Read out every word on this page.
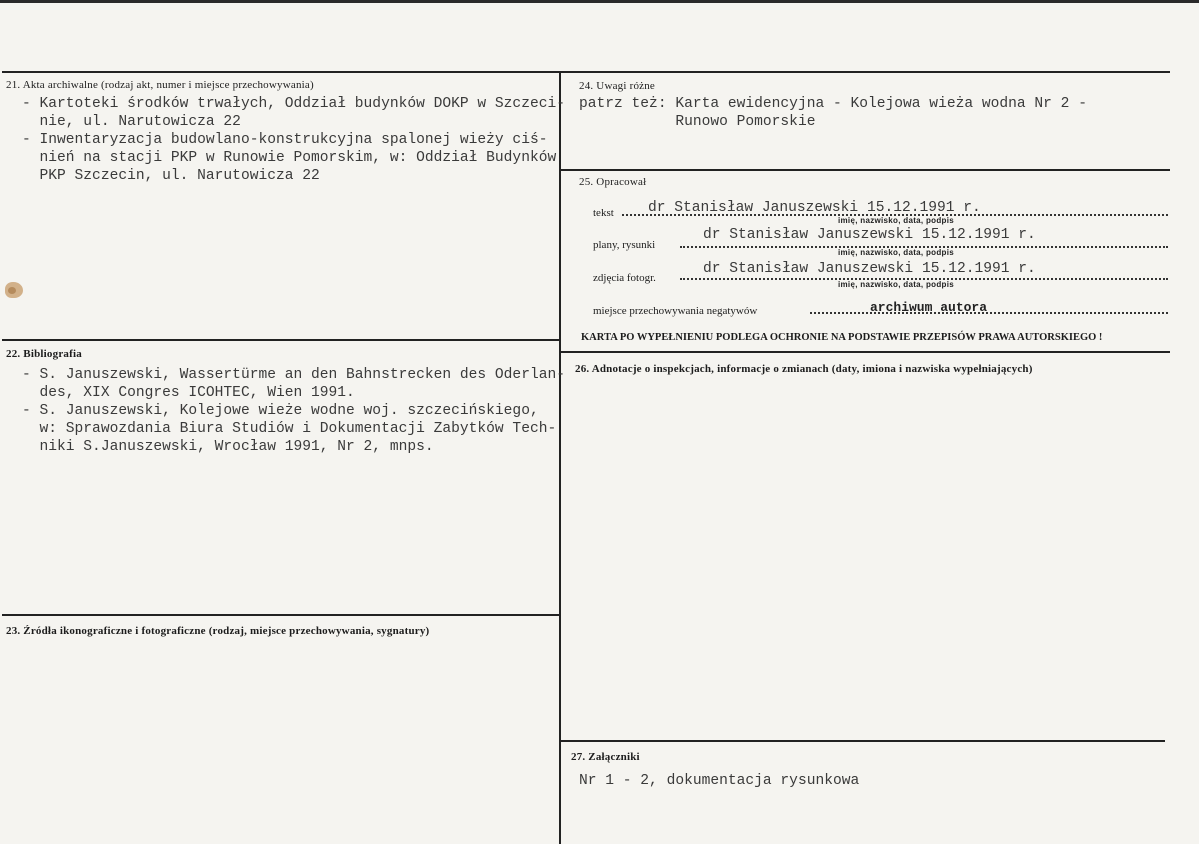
21. Akta archiwalne (rodzaj akt, numer i miejsce przechowywania)
- Kartoteki środków trwałych, Oddział budynków DOKP w Szczeci-
nie, ul. Narutowicza 22
- Inwentaryzacja budowlano-konstrukcyjna spalonej wieży ciś-
nień na stacji PKP w Runowie Pomorskim, w: Oddział Budynków
PKP Szczecin, ul. Narutowicza 22
22. Bibliografia
- S. Januszewski, Wassertürme an den Bahnstrecken des Oderlan-
des, XIX Congres ICOHTEC, Wien 1991.
- S. Januszewski, Kolejowe wieże wodne woj. szczecińskiego,
w: Sprawozdania Biura Studiów i Dokumentacji Zabytków Tech-
niki S.Januszewski, Wrocław 1991, Nr 2, mnps.
23. Źródła ikonograficzne i fotograficzne (rodzaj, miejsce przechowywania, sygnatury)
24. Uwagi różne
patrz też: Karta ewidencyjna - Kolejowa wieża wodna Nr 2 -
Runowo Pomorskie
25. Opracował
tekst dr Stanisław Januszewski 15.12.1991 r.
imię, nazwisko, data, podpis
plany, rysunki
dr Stanisław Januszewski 15.12.1991 r.
imię, nazwisko, data, podpis
zdjęcia fotogr.
dr Stanisław Januszewski 15.12.1991 r.
imię, nazwisko, data, podpis
miejsce przechowywania negatywów	archiwum autora
KARTA PO WYPEŁNIENIU PODLEGA OCHRONIE NA PODSTAWIE PRZEPISÓW PRAWA AUTORSKIEGO !
26. Adnotacje o inspekcjach, informacje o zmianach (daty, imiona i nazwiska wypełniających)
27. Załączniki
Nr 1 - 2, dokumentacja rysunkowa
